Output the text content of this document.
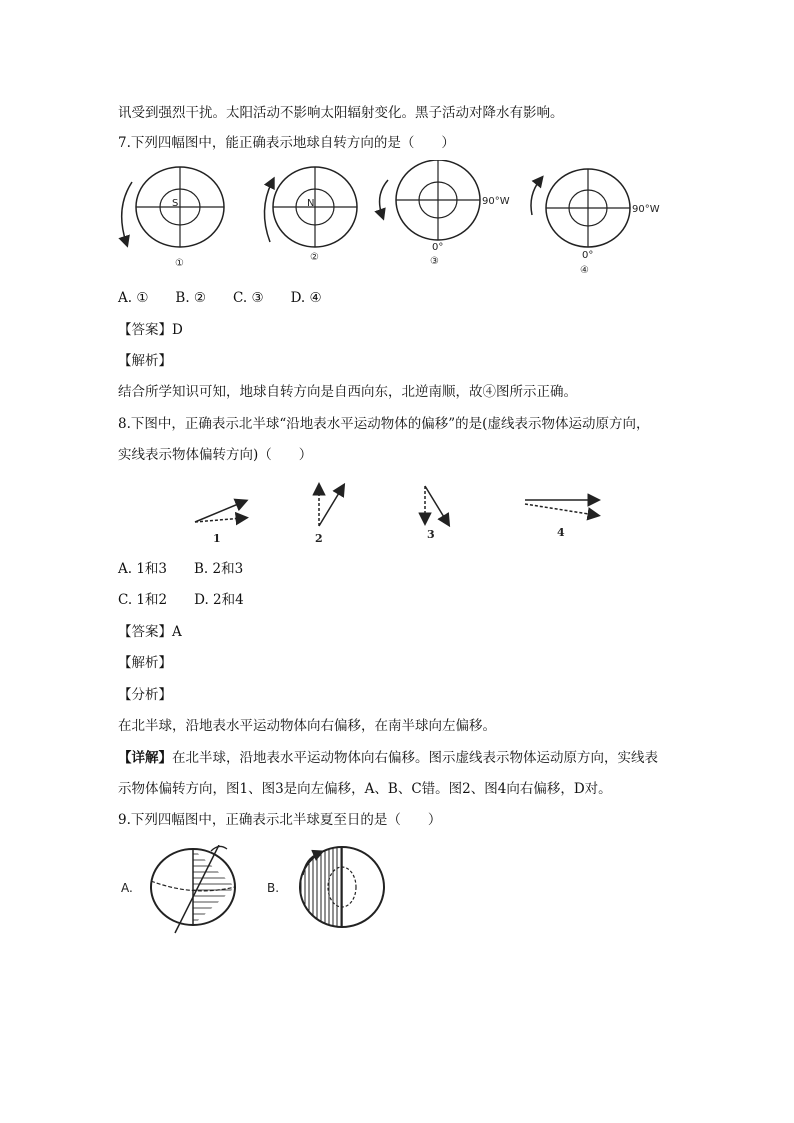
讯受到强烈干扰。太阳活动不影响太阳辐射变化。黑子活动对降水有影响。
7.下列四幅图中，能正确表示地球自转方向的是（　　）
S
①
N
②
90°W
0°
③
90°W
0°
④
A. ①　　B. ②　　C. ③　　D. ④
【答案】D
【解析】
结合所学知识可知，地球自转方向是自西向东，北逆南顺，故④图所示正确。
8.下图中，正确表示北半球“沿地表水平运动物体的偏移”的是(虚线表示物体运动原方向，
实线表示物体偏转方向)（　　）
1	2	3	4
A. 1和3　　B. 2和3
C. 1和2　　D. 2和4
【答案】A
【解析】
【分析】
在北半球，沿地表水平运动物体向右偏移，在南半球向左偏移。
【详解】在北半球，沿地表水平运动物体向右偏移。图示虚线表示物体运动原方向，实线表
示物体偏转方向，图1、图3是向左偏移，A、B、C错。图2、图4向右偏移，D对。
9.下列四幅图中，正确表示北半球夏至日的是（　　）
A.	B.
